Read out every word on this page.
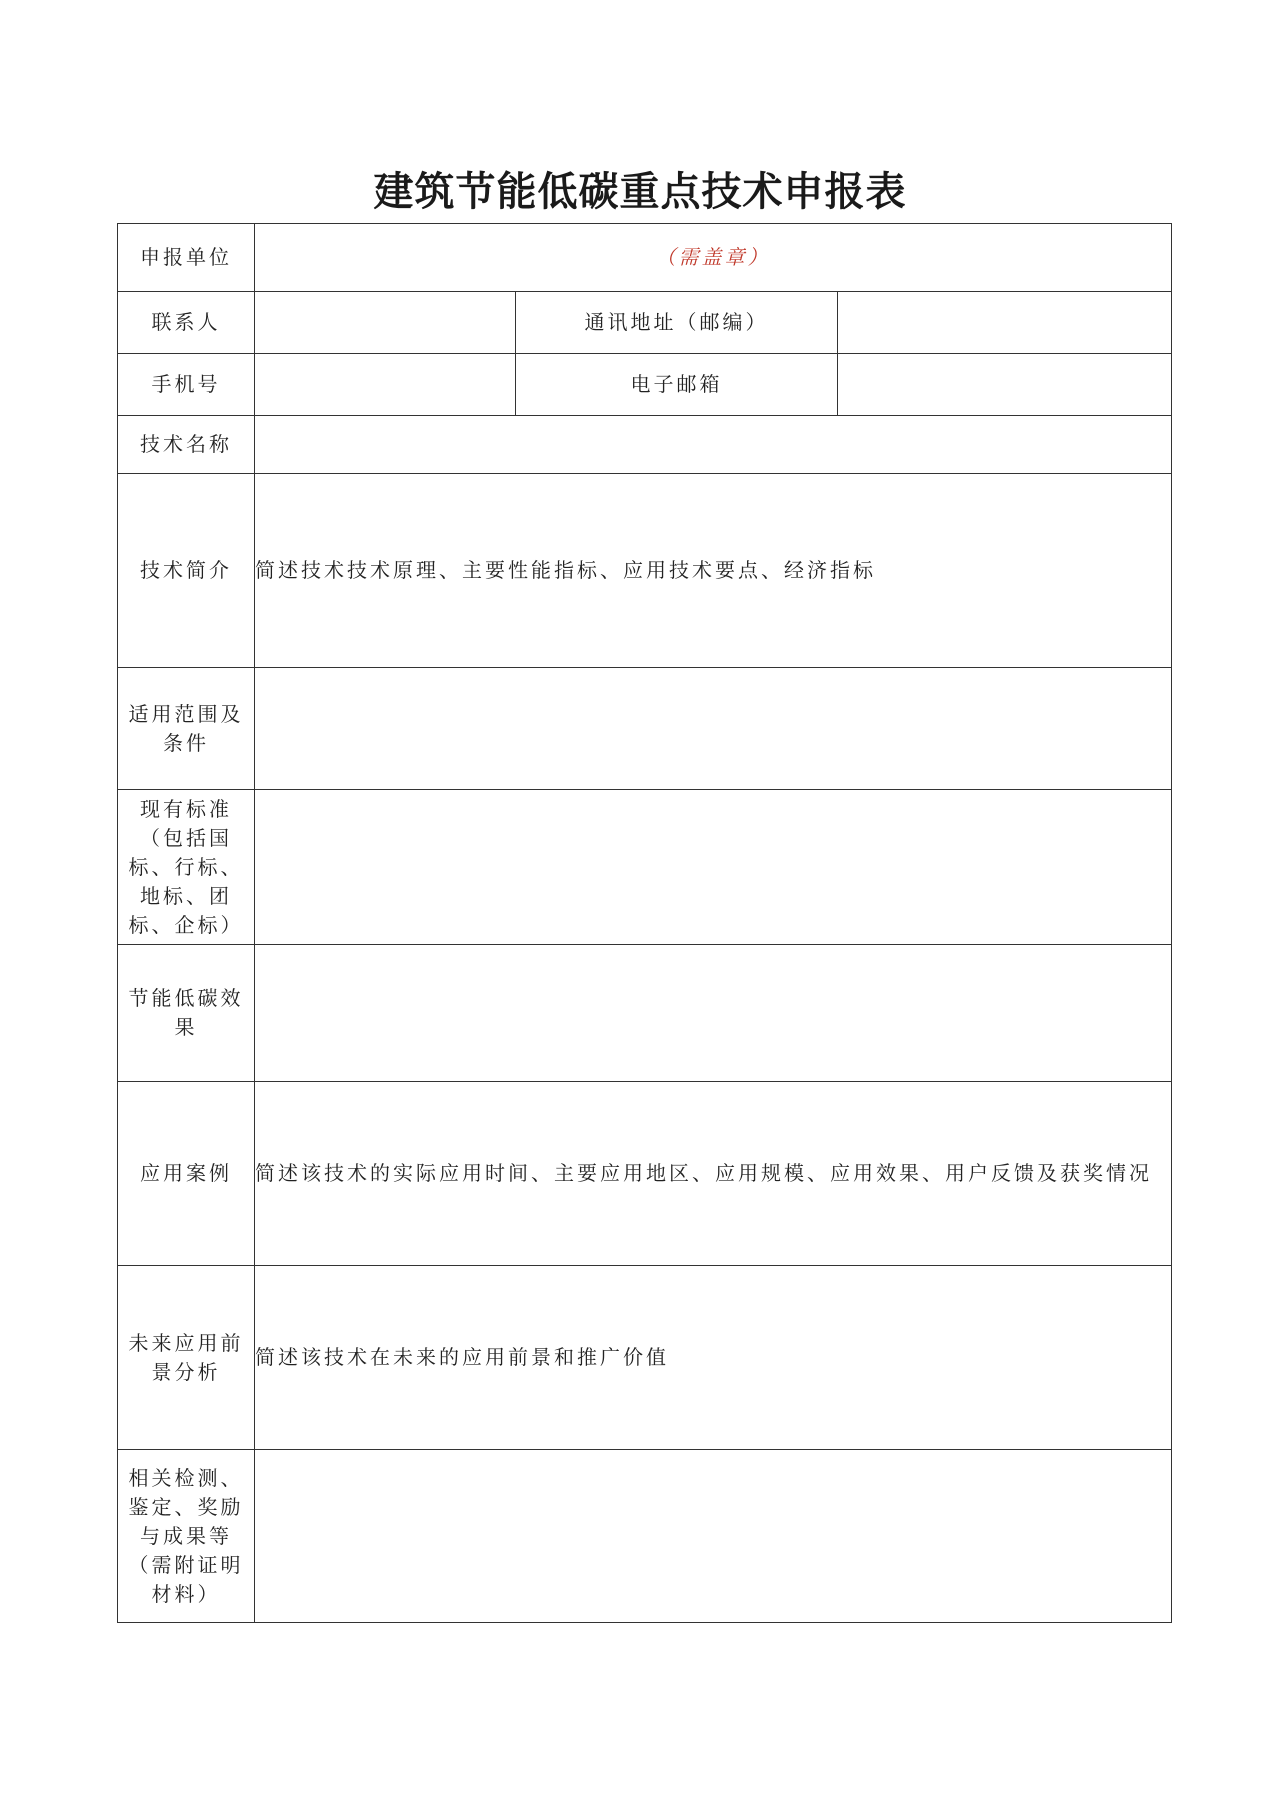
建筑节能低碳重点技术申报表
申报单位	（需盖章）		
联系人		通讯地址（邮编）	
手机号		电子邮箱	
技术名称			
技术简介	简述技术技术原理、主要性能指标、应用技术要点、经济指标		
适用范围及条件			
现有标准（包括国标、行标、地标、团标、企标）			
节能低碳效果			
应用案例	简述该技术的实际应用时间、主要应用地区、应用规模、应用效果、用户反馈及获奖情况		
未来应用前景分析	简述该技术在未来的应用前景和推广价值		
相关检测、鉴定、奖励与成果等（需附证明材料）			
